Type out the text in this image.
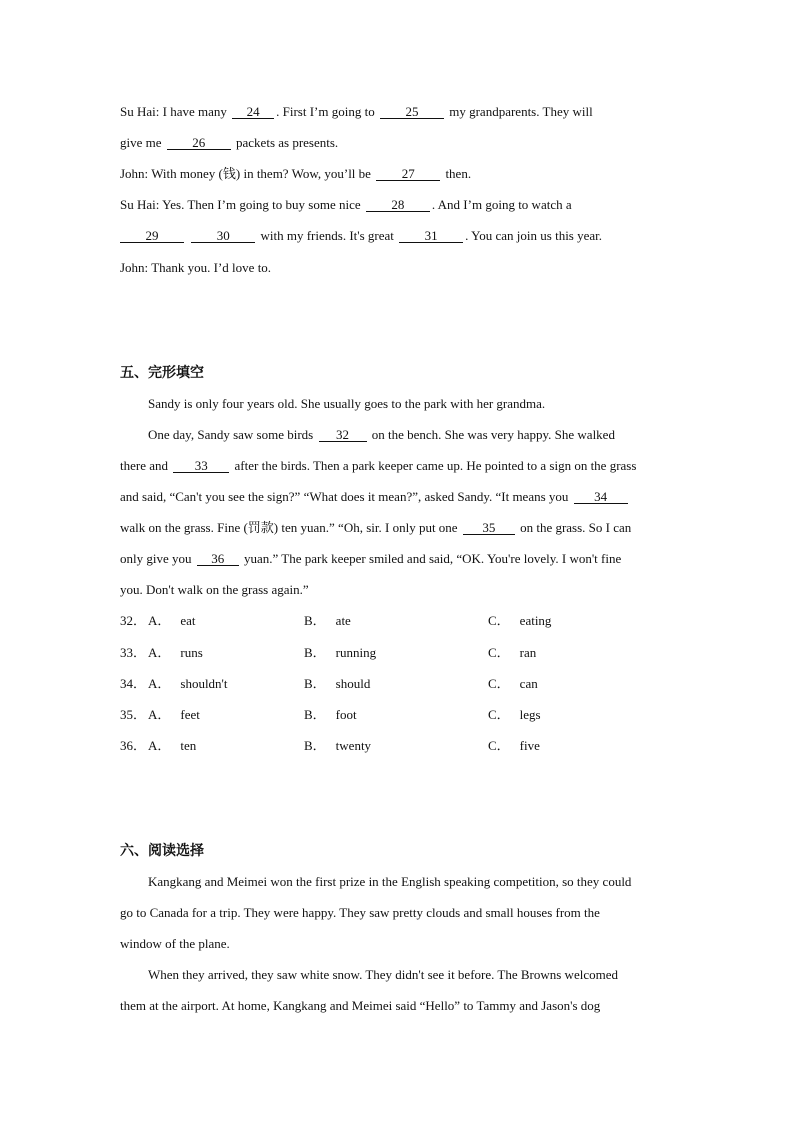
Su Hai: I have many 24 . First I’m going to 25 my grandparents. They will
give me 26 packets as presents.
John: With money (钱) in them? Wow, you’ll be 27 then.
Su Hai: Yes. Then I’m going to buy some nice 28 . And I’m going to watch a
29	30 with my friends. It's great 31 . You can join us this year.
John: Thank you. I’d love to.
五、完形填空
Sandy is only four years old. She usually goes to the park with her grandma.
One day, Sandy saw some birds 32 on the bench. She was very happy. She walked
there and 33 after the birds. Then a park keeper came up. He pointed to a sign on the grass
and said, “Can't you see the sign?” “What does it mean?”, asked Sandy. “It means you 34
walk on the grass. Fine (罚款) ten yuan.” “Oh, sir. I only put one 35 on the grass. So I can
only give you 36 yuan.” The park keeper smiled and said, “OK. You're lovely. I won't fine
you. Don't walk on the grass again.”
32． A． eat	B． ate	C． eating
33． A． runs	B． running	C． ran
34． A． shouldn't	B． should	C． can
35． A． feet	B． foot	C． legs
36． A． ten	B． twenty	C． five
六、阅读选择
Kangkang and Meimei won the first prize in the English speaking competition, so they could
go to Canada for a trip. They were happy. They saw pretty clouds and small houses from the
window of the plane.
When they arrived, they saw white snow. They didn't see it before. The Browns welcomed
them at the airport. At home, Kangkang and Meimei said “Hello” to Tammy and Jason's dog
